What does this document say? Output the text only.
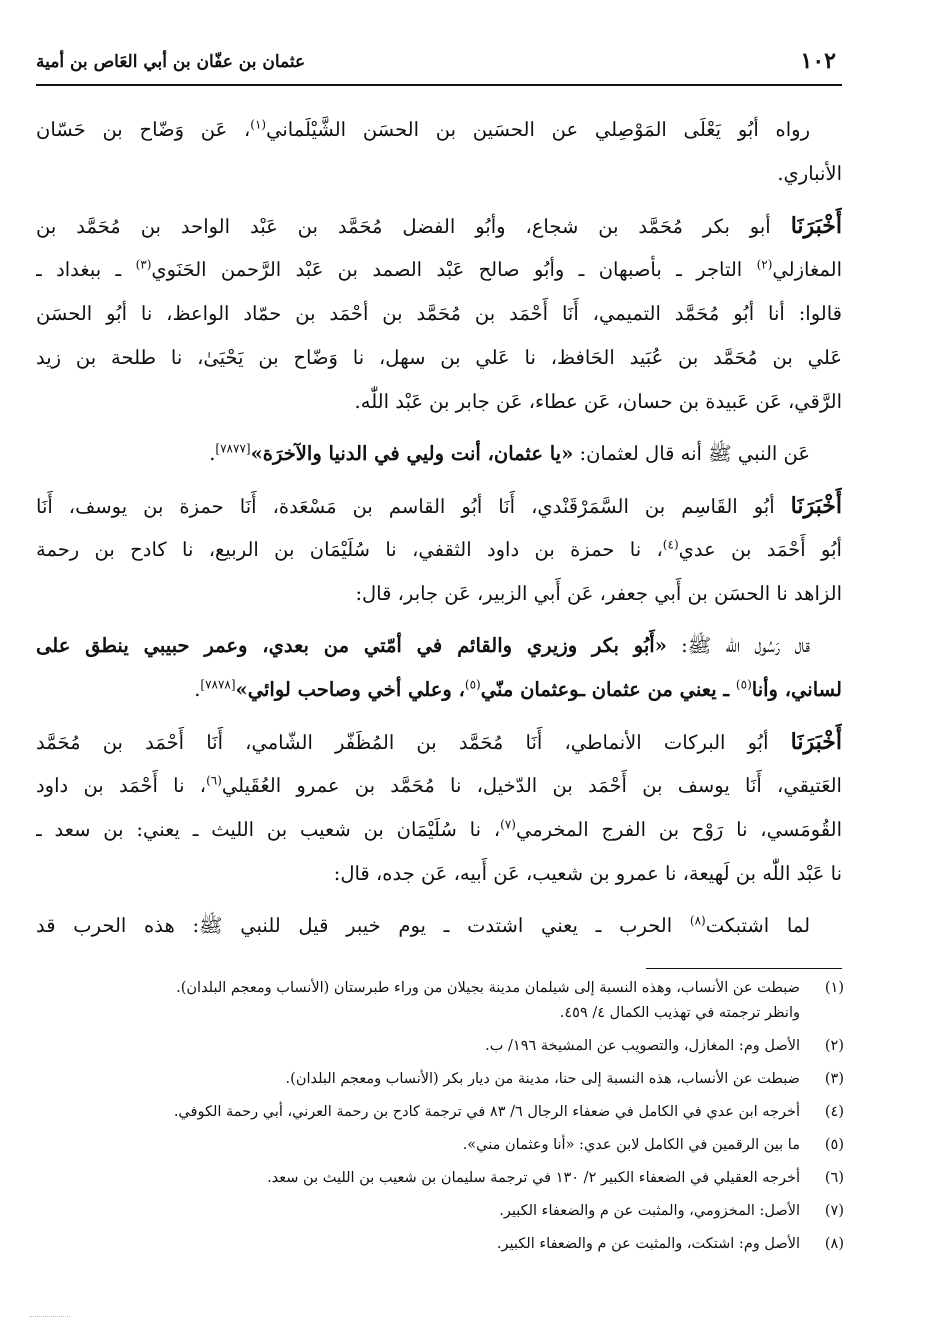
١٠٢
عثمان بن عفّان بن أبي العَاص بن أمية
رواه أبُو يَعْلَى المَوْصِلي عن الحسَين بن الحسَن الشَّيْلَماني$^{(١)}$، عَن وَضّاح بن حَسّان
الأنباري.
أَخْبَرَنَا أبو بكر مُحَمَّد بن شجاع، وأبُو الفضل مُحَمَّد بن عَبْد الواحد بن مُحَمَّد بن
المغازلي$^{(٢)}$ التاجر ـ بأصبهان ـ وأبُو صالح عَبْد الصمد بن عَبْد الرَّحمن الحَنَوي$^{(٣)}$ ـ ببغداد ـ
قالوا: أنا أبُو مُحَمَّد التميمي، أَنَا أَحْمَد بن مُحَمَّد بن أحْمَد بن حمّاد الواعظ، نا أبُو الحسَن
عَلي بن مُحَمَّد بن عُبَيد الحَافظ، نا عَلي بن سهل، نا وَضّاح بن يَحْيَىٰ، نا طلحة بن زيد
الرَّقي، عَن عَبيدة بن حسان، عَن عطاء، عَن جابر بن عَبْد اللّٰه.
عَن النبي ﷺ أنه قال لعثمان: «يا عثمان، أنت وليي في الدنيا والآخرَة»[٧٨٧٧].
أَخْبَرَنَا أبُو القَاسِم بن السَّمَرْقَنْدي، أَنَا أبُو القاسم بن مَسْعَدة، أَنَا حمزة بن يوسف، أَنَا
أبُو أَحْمَد بن عدي$^{(٤)}$، نا حمزة بن داود الثقفي، نا سُلَيْمَان بن الربيع، نا كادح بن رحمة
الزاهد نا الحسَن بن أَبي جعفر، عَن أَبي الزبير، عَن جابر، قال:
قال رَسُول اللّٰه ﷺ: «أَبُو بكر وزيري والقائم في أمّتي من بعدي، وعمر حبيبي ينطق على
لساني، وأنا$^{(٥)}$ ـ يعني من عثمان ـوعثمان منّي$^{(٥)}$، وعلي أخي وصاحب لوائي»[٧٨٧٨].
أَخْبَرَنَا أبُو البركات الأنماطي، أَنَا مُحَمَّد بن المُظَفّر الشّامي، أَنَا أَحْمَد بن مُحَمَّد
العَتيقي، أَنَا يوسف بن أَحْمَد بن الدّخيل، نا مُحَمَّد بن عمرو العُقَيلي$^{(٦)}$، نا أَحْمَد بن داود
القُومَسي، نا رَوْح بن الفرج المخرمي$^{(٧)}$، نا سُلَيْمَان بن شعيب بن الليث ـ يعني: بن سعد ـ
نا عَبْد اللّٰه بن لَهيعة، نا عمرو بن شعيب، عَن أَبيه، عَن جده، قال:
لما اشتبكت$^{(٨)}$ الحرب ـ يعني اشتدت ـ يوم خيبر قيل للنبي ﷺ: هذه الحرب قد
(١)
ضبطت عن الأنساب، وهذه النسبة إلى شيلمان مدينة بجيلان من وراء طبرستان (الأنساب ومعجم البلدان).
وانظر ترجمته في تهذيب الكمال ٤/ ٤٥٩.
(٢)
الأصل وم: المغازل، والتصويب عن المشيخة ١٩٦/ ب.
(٣)
ضبطت عن الأنساب، هذه النسبة إلى حنا، مدينة من ديار بكر (الأنساب ومعجم البلدان).
(٤)
أخرجه ابن عدي في الكامل في ضعفاء الرجال ٦/ ٨٣ في ترجمة كادح بن رحمة العرني، أبي رحمة الكوفي.
(٥)
ما بين الرقمين في الكامل لابن عدي: «أنا وعثمان مني».
(٦)
أخرجه العقيلي في الضعفاء الكبير ٢/ ١٣٠ في ترجمة سليمان بن شعيب بن الليث بن سعد.
(٧)
الأصل: المخزومي، والمثبت عن م والضعفاء الكبير.
(٨)
الأصل وم: اشتكت، والمثبت عن م والضعفاء الكبير.
